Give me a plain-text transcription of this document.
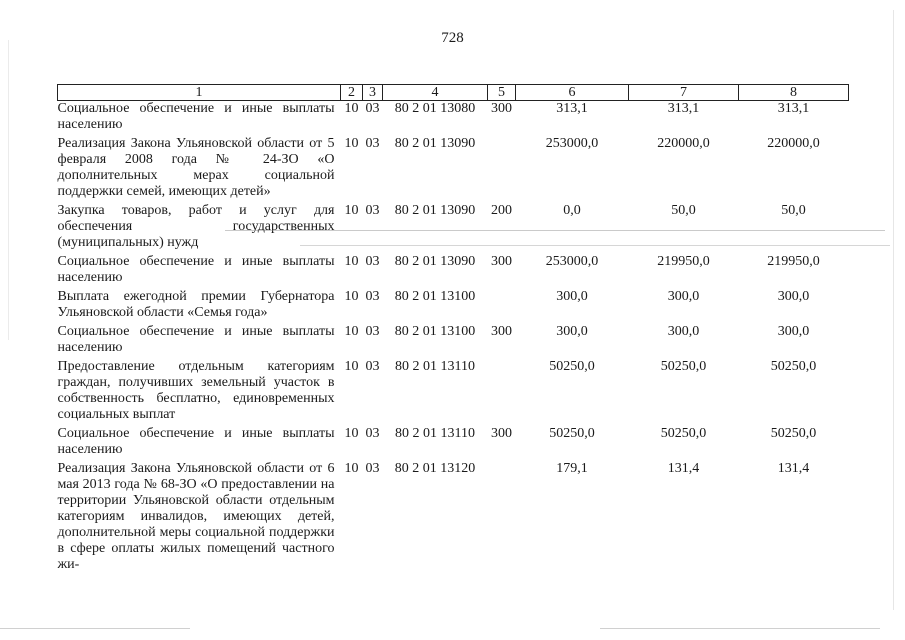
728
1	2	3	4	5	6	7	8
Социальное обеспечение и иные выплаты населению	10	03	80 2 01 13080	300	313,1	313,1	313,1
Реализация Закона Ульяновской области от 5 февраля 2008 года № 24-ЗО «О дополнительных мерах социальной поддержки семей, имеющих детей»	10	03	80 2 01 13090		253000,0	220000,0	220000,0
Закупка товаров, работ и услуг для обеспечения государственных (муниципальных) нужд	10	03	80 2 01 13090	200	0,0	50,0	50,0
Социальное обеспечение и иные выплаты населению	10	03	80 2 01 13090	300	253000,0	219950,0	219950,0
Выплата ежегодной премии Губернатора Ульяновской области «Семья года»	10	03	80 2 01 13100		300,0	300,0	300,0
Социальное обеспечение и иные выплаты населению	10	03	80 2 01 13100	300	300,0	300,0	300,0
Предоставление отдельным категориям граждан, получивших земельный участок в собственность бесплатно, единовременных социальных выплат	10	03	80 2 01 13110		50250,0	50250,0	50250,0
Социальное обеспечение и иные выплаты населению	10	03	80 2 01 13110	300	50250,0	50250,0	50250,0
Реализация Закона Ульяновской области от 6 мая 2013 года № 68-ЗО «О предоставлении на территории Ульяновской области отдельным категориям инвалидов, имеющих детей, дополнительной меры социальной поддержки в сфере оплаты жилых помещений частного жи-	10	03	80 2 01 13120		179,1	131,4	131,4
